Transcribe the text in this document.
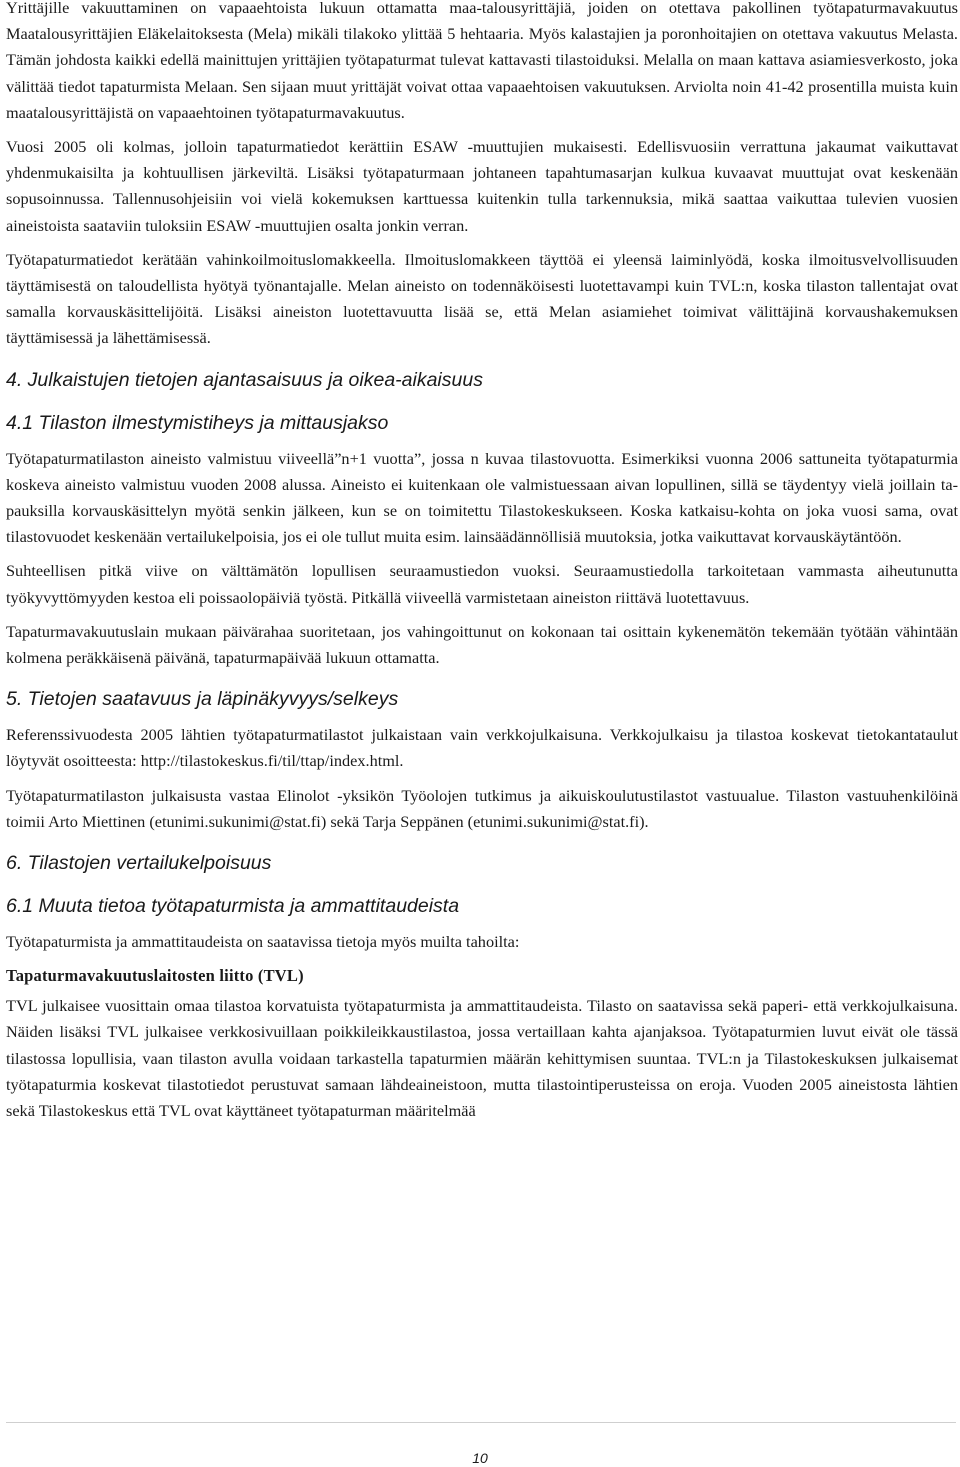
Yrittäjille vakuuttaminen on vapaaehtoista lukuun ottamatta maa-talousyrittäjiä, joiden on otettava pakollinen työtapaturmavakuutus Maatalousyrittäjien Eläkelaitoksesta (Mela) mikäli tilakoko ylittää 5 hehtaaria. Myös kalastajien ja poronhoitajien on otettava vakuutus Melasta. Tämän johdosta kaikki edellä mainittujen yrittäjien työtapaturmat tulevat kattavasti tilastoiduksi. Melalla on maan kattava asiamiesverkosto, joka välittää tiedot tapaturmista Melaan. Sen sijaan muut yrittäjät voivat ottaa vapaaehtoisen vakuutuksen. Arviolta noin 41-42 prosentilla muista kuin maatalousyrittäjistä on vapaaehtoinen työtapaturmavakuutus.

Vuosi 2005 oli kolmas, jolloin tapaturmatiedot kerättiin ESAW -muuttujien mukaisesti. Edellisvuosiin verrattuna jakaumat vaikuttavat yhdenmukaisilta ja kohtuullisen järkeviltä. Lisäksi työtapaturmaan johtaneen tapahtumasarjan kulkua kuvaavat muuttujat ovat keskenään sopusoinnussa. Tallennusohjeisiin voi vielä kokemuksen karttuessa kuitenkin tulla tarkennuksia, mikä saattaa vaikuttaa tulevien vuosien aineistoista saataviin tuloksiin ESAW -muuttujien osalta jonkin verran.

Työtapaturmatiedot kerätään vahinkoilmoituslomakkeella. Ilmoituslomakkeen täyttöä ei yleensä laiminlyödä, koska ilmoitusvelvollisuuden täyttämisestä on taloudellista hyötyä työnantajalle. Melan aineisto on todennäköisesti luotettavampi kuin TVL:n, koska tilaston tallentajat ovat samalla korvauskäsittelijöitä. Lisäksi aineiston luotettavuutta lisää se, että Melan asiamiehet toimivat välittäjinä korvaushakemuksen täyttämisessä ja lähettämisessä.

4. Julkaistujen tietojen ajantasaisuus ja oikea-aikaisuus
4.1 Tilaston ilmestymistiheys ja mittausjakso

Työtapaturmatilaston aineisto valmistuu viiveellä”n+1 vuotta”, jossa n kuvaa tilastovuotta. Esimerkiksi vuonna 2006 sattuneita työtapaturmia koskeva aineisto valmistuu vuoden 2008 alussa. Aineisto ei kuitenkaan ole valmistuessaan aivan lopullinen, sillä se täydentyy vielä joillain ta-pauksilla korvauskäsittelyn myötä senkin jälkeen, kun se on toimitettu Tilastokeskukseen. Koska katkaisu-kohta on joka vuosi sama, ovat tilastovuodet keskenään vertailukelpoisia, jos ei ole tullut muita esim. lainsäädännöllisiä muutoksia, jotka vaikuttavat korvauskäytäntöön.

Suhteellisen pitkä viive on välttämätön lopullisen seuraamustiedon vuoksi. Seuraamustiedolla tarkoitetaan vammasta aiheutunutta työkyvyttömyyden kestoa eli poissaolopäiviä työstä. Pitkällä viiveellä varmistetaan aineiston riittävä luotettavuus.

Tapaturmavakuutuslain mukaan päivärahaa suoritetaan, jos vahingoittunut on kokonaan tai osittain kykenemätön tekemään työtään vähintään kolmena peräkkäisenä päivänä, tapaturmapäivää lukuun ottamatta.

5. Tietojen saatavuus ja läpinäkyvyys/selkeys

Referenssivuodesta 2005 lähtien työtapaturmatilastot julkaistaan vain verkkojulkaisuna. Verkkojulkaisu ja tilastoa koskevat tietokantataulut löytyvät osoitteesta: http://tilastokeskus.fi/til/ttap/index.html.

Työtapaturmatilaston julkaisusta vastaa Elinolot -yksikön Työolojen tutkimus ja aikuiskoulutustilastot vastuualue. Tilaston vastuuhenkilöinä toimii Arto Miettinen (etunimi.sukunimi@stat.fi) sekä Tarja Seppänen (etunimi.sukunimi@stat.fi).

6. Tilastojen vertailukelpoisuus
6.1 Muuta tietoa työtapaturmista ja ammattitaudeista

Työtapaturmista ja ammattitaudeista on saatavissa tietoja myös muilta tahoilta:

Tapaturmavakuutuslaitosten liitto (TVL)

TVL julkaisee vuosittain omaa tilastoa korvatuista työtapaturmista ja ammattitaudeista. Tilasto on saatavissa sekä paperi- että verkkojulkaisuna. Näiden lisäksi TVL julkaisee verkkosivuillaan poikkileikkaustilastoa, jossa vertaillaan kahta ajanjaksoa. Työtapaturmien luvut eivät ole tässä tilastossa lopullisia, vaan tilaston avulla voidaan tarkastella tapaturmien määrän kehittymisen suuntaa. TVL:n ja Tilastokeskuksen julkaisemat työtapaturmia koskevat tilastotiedot perustuvat samaan lähdeaineistoon, mutta tilastointiperusteissa on eroja. Vuoden 2005 aineistosta lähtien sekä Tilastokeskus että TVL ovat käyttäneet työtapaturman määritelmää

10
